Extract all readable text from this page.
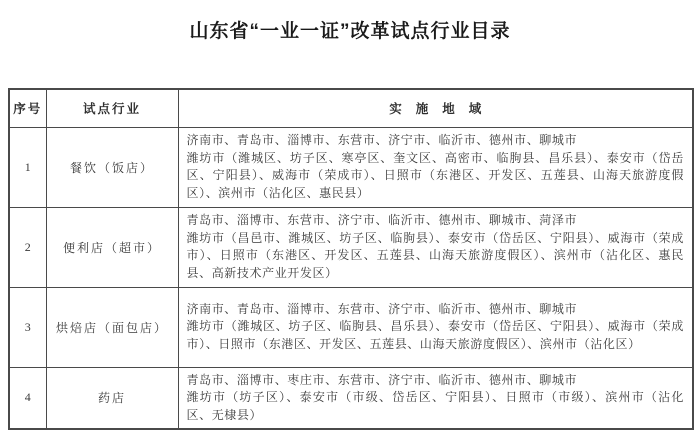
山东省“一业一证”改革试点行业目录
序号	试点行业	实施地域
1	餐饮（饭店）	济南市、青岛市、淄博市、东营市、济宁市、临沂市、德州市、聊城市
潍坊市（潍城区、坊子区、寒亭区、奎文区、高密市、临朐县、昌乐县）、泰安市（岱岳区、宁阳县）、威海市（荣成市）、日照市（东港区、开发区、五莲县、山海天旅游度假区）、滨州市（沾化区、惠民县）
2	便利店（超市）	青岛市、淄博市、东营市、济宁市、临沂市、德州市、聊城市、菏泽市
潍坊市（昌邑市、潍城区、坊子区、临朐县）、泰安市（岱岳区、宁阳县）、威海市（荣成市）、日照市（东港区、开发区、五莲县、山海天旅游度假区）、滨州市（沾化区、惠民县、高新技术产业开发区）
3	烘焙店（面包店）	济南市、青岛市、淄博市、东营市、济宁市、临沂市、德州市、聊城市
潍坊市（潍城区、坊子区、临朐县、昌乐县）、泰安市（岱岳区、宁阳县）、威海市（荣成市）、日照市（东港区、开发区、五莲县、山海天旅游度假区）、滨州市（沾化区）
4	药店	青岛市、淄博市、枣庄市、东营市、济宁市、临沂市、德州市、聊城市
潍坊市（坊子区）、泰安市（市级、岱岳区、宁阳县）、日照市（市级）、滨州市（沾化区、无棣县）
